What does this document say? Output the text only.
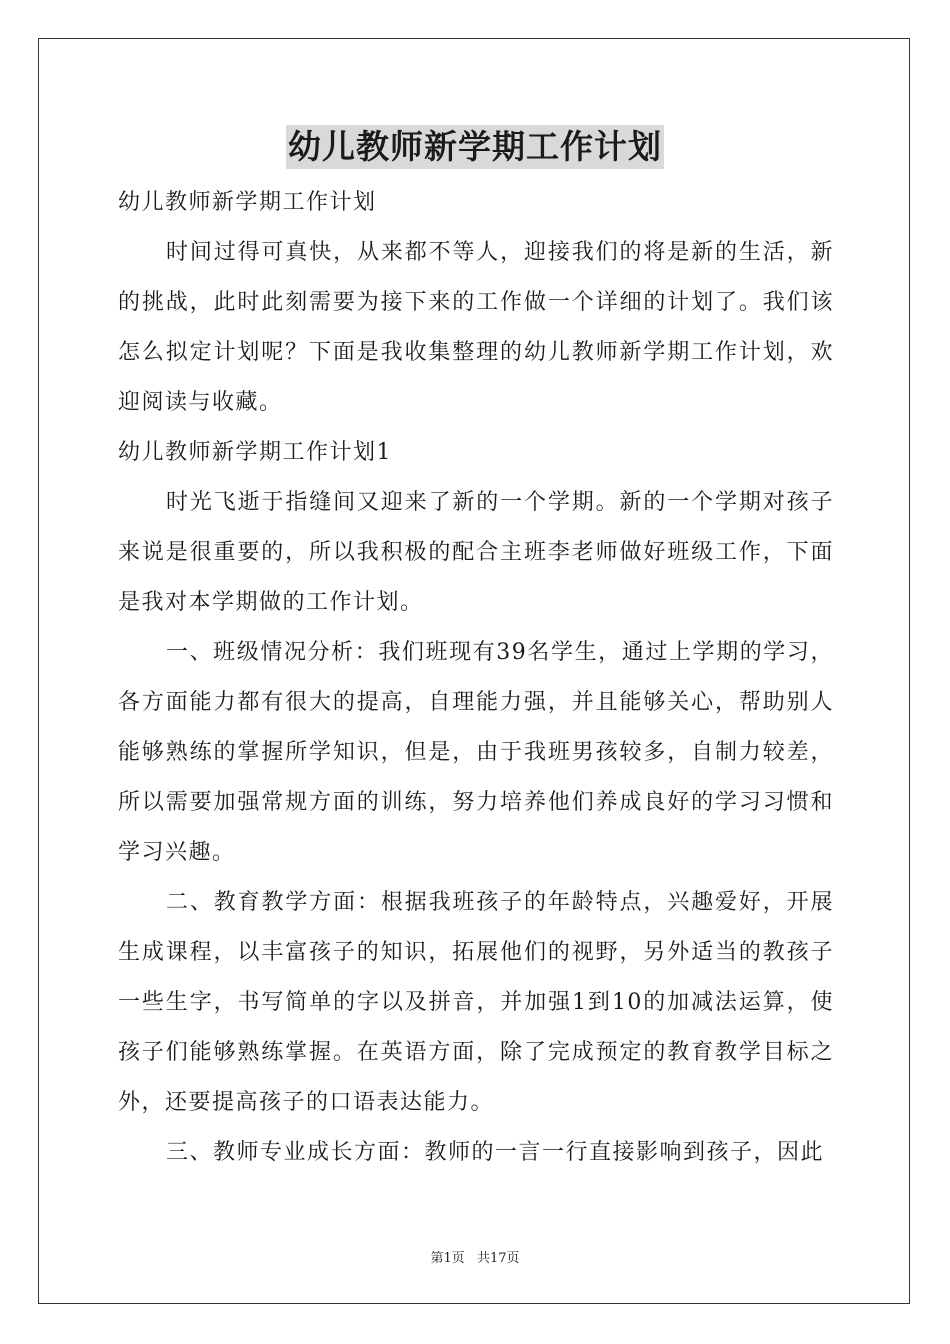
幼儿教师新学期工作计划

幼儿教师新学期工作计划

时间过得可真快，从来都不等人，迎接我们的将是新的生活，新的挑战，此时此刻需要为接下来的工作做一个详细的计划了。我们该怎么拟定计划呢？下面是我收集整理的幼儿教师新学期工作计划，欢迎阅读与收藏。

幼儿教师新学期工作计划1

时光飞逝于指缝间又迎来了新的一个学期。新的一个学期对孩子来说是很重要的，所以我积极的配合主班李老师做好班级工作，下面是我对本学期做的工作计划。

一、班级情况分析：我们班现有39名学生，通过上学期的学习，各方面能力都有很大的提高，自理能力强，并且能够关心，帮助别人能够熟练的掌握所学知识，但是，由于我班男孩较多，自制力较差，所以需要加强常规方面的训练，努力培养他们养成良好的学习习惯和学习兴趣。

二、教育教学方面：根据我班孩子的年龄特点，兴趣爱好，开展生成课程，以丰富孩子的知识，拓展他们的视野，另外适当的教孩子一些生字，书写简单的字以及拼音，并加强1到10的加减法运算，使孩子们能够熟练掌握。在英语方面，除了完成预定的教育教学目标之外，还要提高孩子的口语表达能力。

三、教师专业成长方面：教师的一言一行直接影响到孩子，因此

第1页 共17页
